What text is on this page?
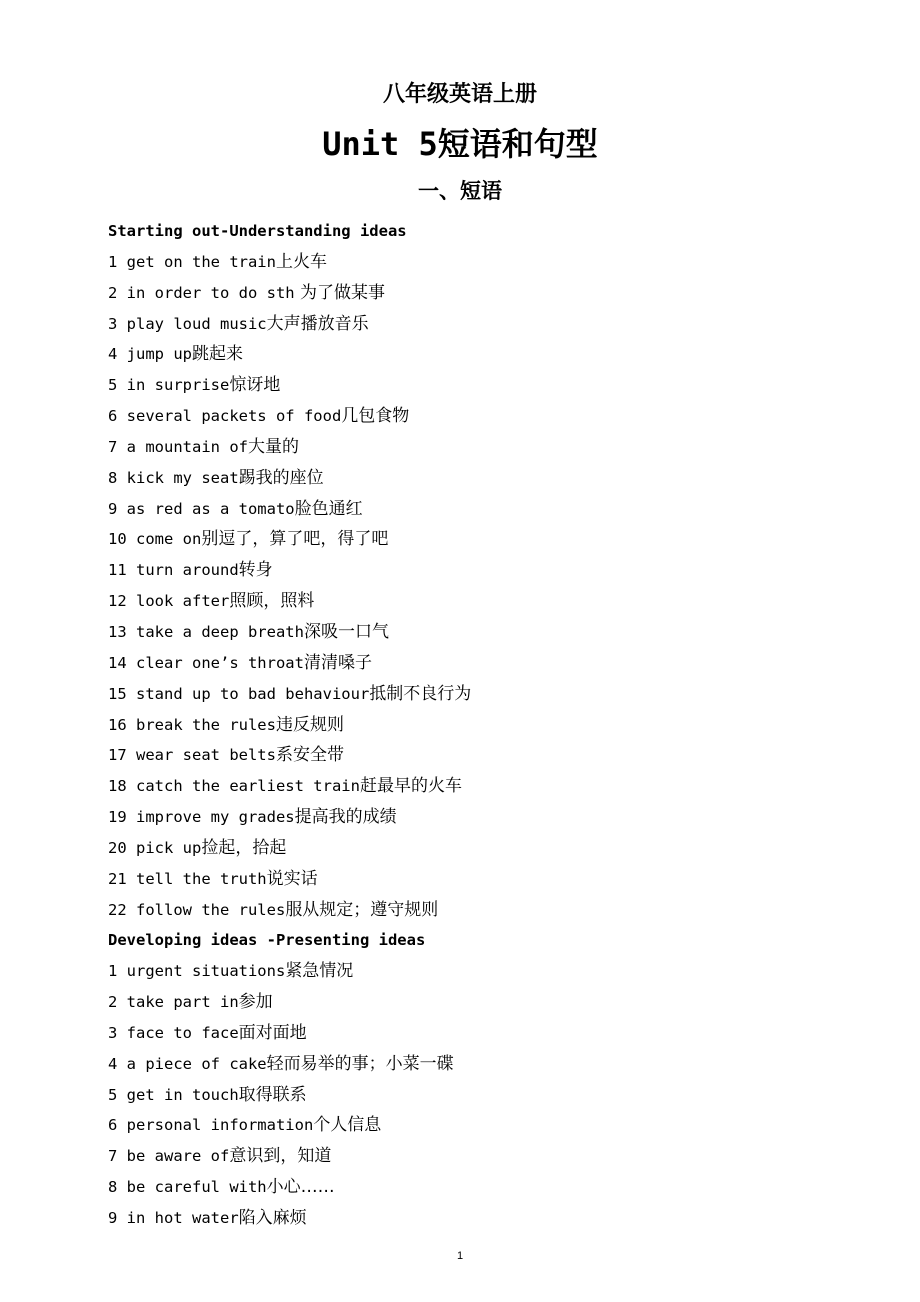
八年级英语上册
Unit 5短语和句型
一、短语
Starting out-Understanding ideas
1 get on the train上火车
2 in order to do sth 为了做某事
3 play loud music大声播放音乐
4 jump up跳起来
5 in surprise惊讶地
6 several packets of food几包食物
7 a mountain of大量的
8 kick my seat踢我的座位
9 as red as a tomato脸色通红
10 come on别逗了，算了吧，得了吧
11 turn around转身
12 look after照顾，照料
13 take a deep breath深吸一口气
14 clear one’s throat清清嗓子
15 stand up to bad behaviour抵制不良行为
16 break the rules违反规则
17 wear seat belts系安全带
18 catch the earliest train赶最早的火车
19 improve my grades提高我的成绩
20 pick up捡起，拾起
21 tell the truth说实话
22 follow the rules服从规定；遵守规则
Developing ideas -Presenting ideas
1 urgent situations紧急情况
2 take part in参加
3 face to face面对面地
4 a piece of cake轻而易举的事；小菜一碟
5 get in touch取得联系
6 personal information个人信息
7 be aware of意识到，知道
8 be careful with小心……
9 in hot water陷入麻烦
1
